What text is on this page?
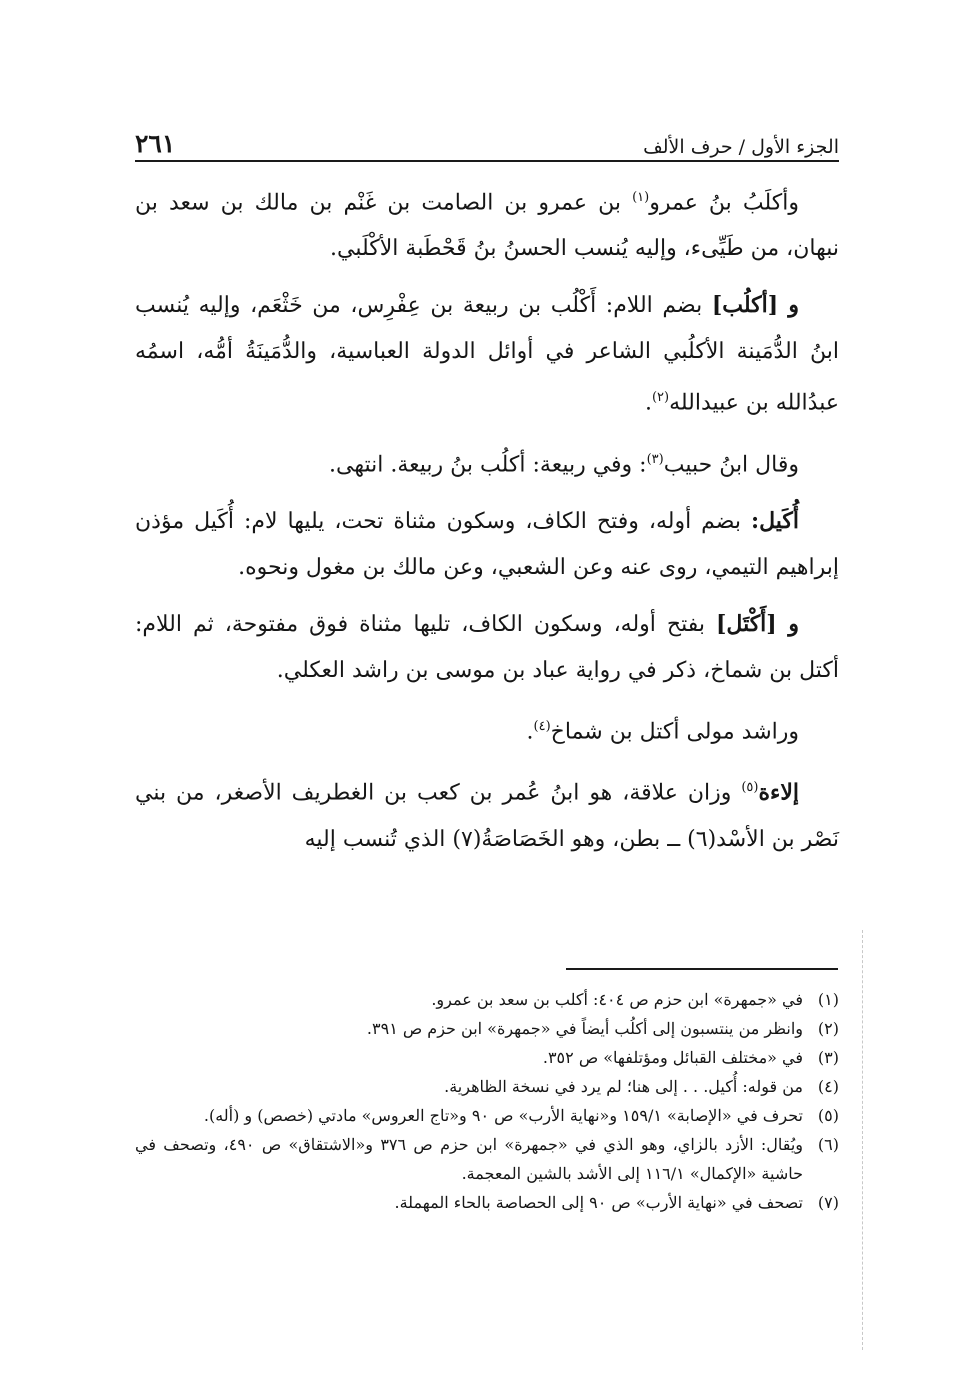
٢٦١	الجزء الأول / حرف الألف

وأكلَبُ بنُ عمرو$^{(١)}$ بن عمرو بن الصامت بن غَنْم بن مالك بن سعد بن نبهان، من طَيِّىء، وإليه يُنسب الحسنُ بنُ قَحْطَبة الأكْلَبي.

و [أكلُب] بضم اللام: أَكْلُب بن ربيعة بن عِفْرِس، من خَثْعَم، وإليه يُنسب ابنُ الدُّمَينة الأكلُبي الشاعر في أوائل الدولة العباسية، والدُّمَينَةُ أمُّه، اسمُه عبدُالله بن عبيدالله$^{(٢)}$.

وقال ابنُ حبيب$^{(٣)}$: وفي ربيعة: أكلُب بنُ ربيعة. انتهى.

أُكَيل: بضم أوله، وفتح الكاف، وسكون مثناة تحت، يليها لام: أُكَيل مؤذن إبراهيم التيمي، روى عنه وعن الشعبي، وعن مالك بن مغول ونحوه.

و [أَكْتَل] بفتح أوله، وسكون الكاف، تليها مثناة فوق مفتوحة، ثم اللام: أكتل بن شماخ، ذكر في رواية عباد بن موسى بن راشد العكلي.

وراشد مولى أكتل بن شماخ$^{(٤)}$.

إلاءة$^{(٥)}$ وزان علاقة، هو ابنُ عُمر بن كعب بن الغطريف الأصغر، من بني نَصْر بن الأسْد(٦) ــ بطن، وهو الخَصَاصَةُ(٧) الذي تُنسب إليه

(١)
في «جمهرة» ابن حزم ص ٤٠٤: أكلب بن سعد بن عمرو.
(٢)
وانظر من ينتسبون إلى أكلُب أيضاً في «جمهرة» ابن حزم ص ٣٩١.
(٣)
في «مختلف القبائل ومؤتلفها» ص ٣٥٢.
(٤)
من قوله: أُكيل. . . إلى هنا؛ لم يرد في نسخة الظاهرية.
(٥)
تحرف في «الإصابة» ١٥٩/١ و«نهاية الأرب» ص ٩٠ و«تاج العروس» مادتي (خصص) و (أله).
(٦)
ويُقال: الأزد بالزاي، وهو الذي في «جمهرة» ابن حزم ص ٣٧٦ و«الاشتقاق» ص ٤٩٠، وتصحف في حاشية «الإكمال» ١١٦/١ إلى الأشد بالشين المعجمة.
(٧)
تصحف في «نهاية الأرب» ص ٩٠ إلى الحصاصة بالحاء المهملة.
